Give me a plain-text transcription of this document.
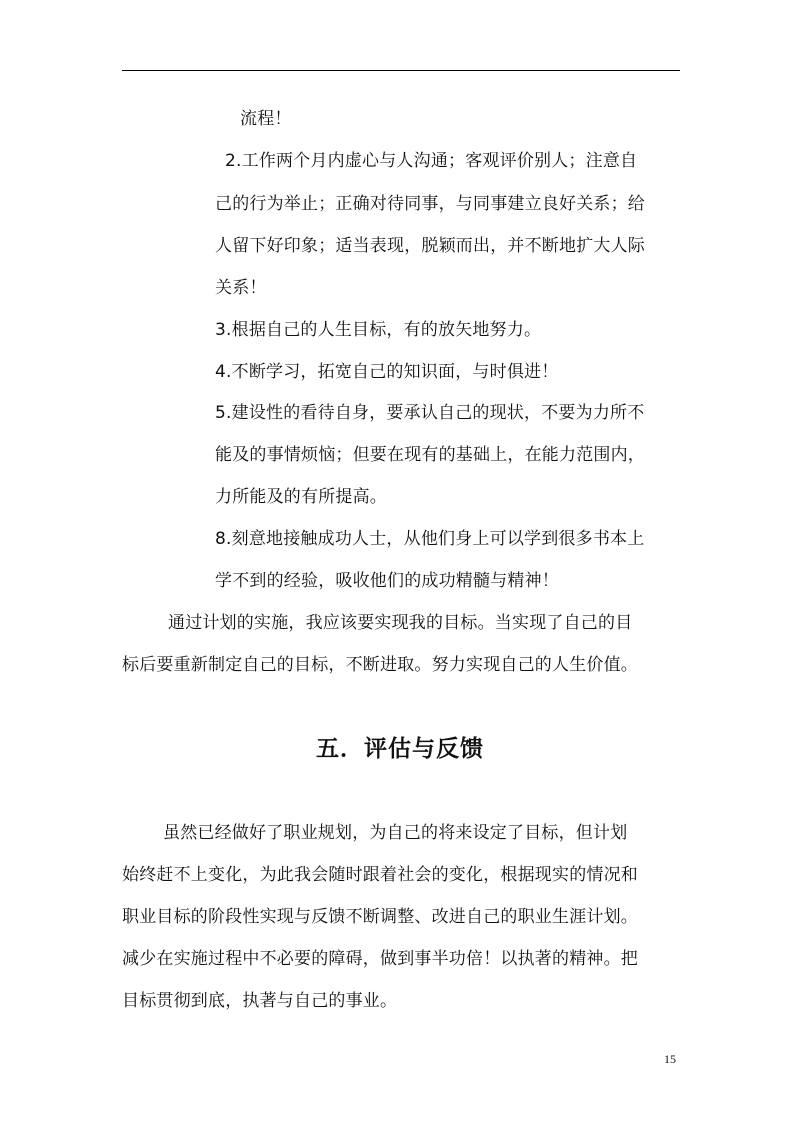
流程！
2.工作两个月内虚心与人沟通；客观评价别人；注意自
己的行为举止；正确对待同事，与同事建立良好关系；给
人留下好印象；适当表现，脱颖而出，并不断地扩大人际
关系！
3.根据自己的人生目标，有的放矢地努力。
4.不断学习，拓宽自己的知识面，与时俱进！
5.建设性的看待自身，要承认自己的现状，不要为力所不
能及的事情烦恼；但要在现有的基础上，在能力范围内，
力所能及的有所提高。
8.刻意地接触成功人士，从他们身上可以学到很多书本上
学不到的经验，吸收他们的成功精髓与精神！
通过计划的实施，我应该要实现我的目标。当实现了自己的目
标后要重新制定自己的目标，不断进取。努力实现自己的人生价值。
五．评估与反馈
虽然已经做好了职业规划，为自己的将来设定了目标，但计划
始终赶不上变化，为此我会随时跟着社会的变化，根据现实的情况和
职业目标的阶段性实现与反馈不断调整、改进自己的职业生涯计划。
减少在实施过程中不必要的障碍，做到事半功倍！以执著的精神。把
目标贯彻到底，执著与自己的事业。
15
